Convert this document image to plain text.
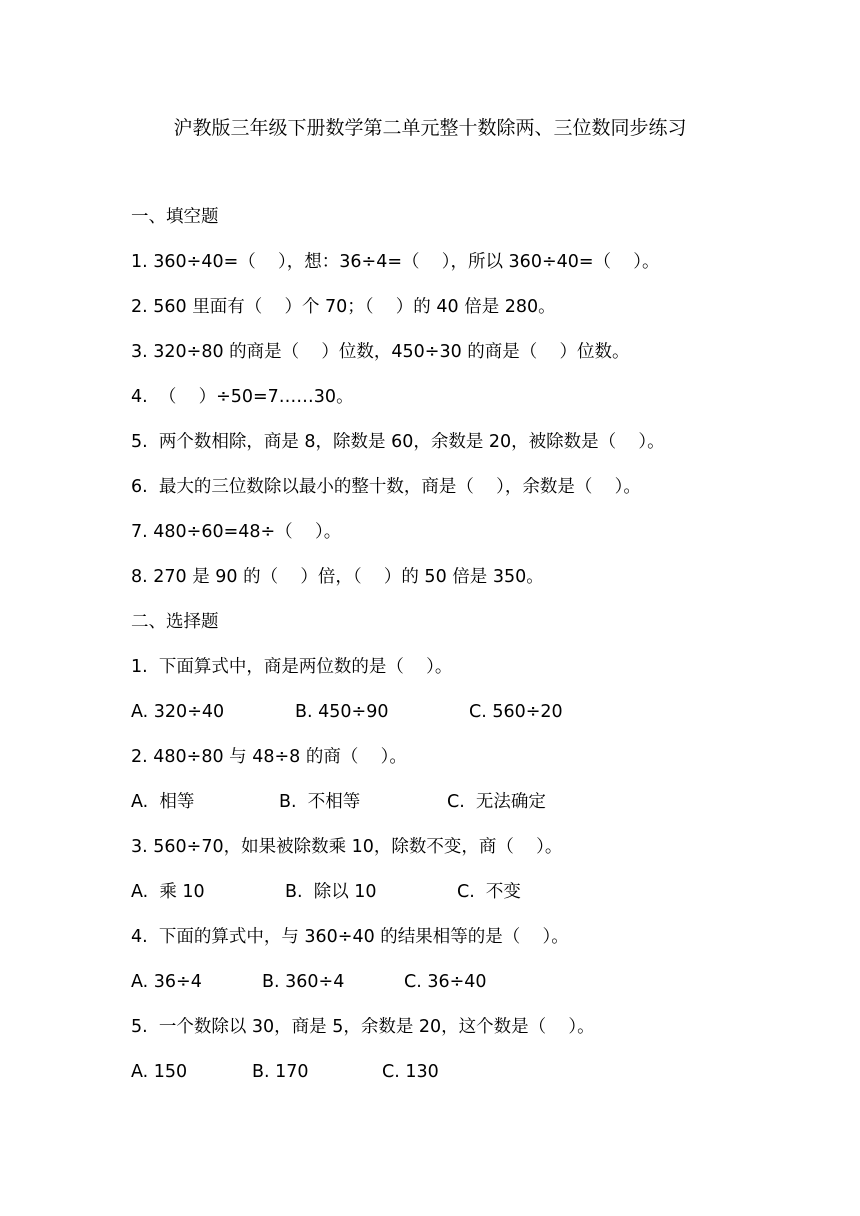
沪教版三年级下册数学第二单元整十数除两、三位数同步练习
一、填空题
1. 360÷40=（    ），想：36÷4=（    ），所以 360÷40=（    ）。
2. 560 里面有（    ）个 70；（    ）的 40 倍是 280。
3. 320÷80 的商是（    ）位数，450÷30 的商是（    ）位数。
4.  （    ）÷50=7……30。
5.  两个数相除，商是 8，除数是 60，余数是 20，被除数是（    ）。
6.  最大的三位数除以最小的整十数，商是（    ），余数是（    ）。
7. 480÷60=48÷（    ）。
8. 270 是 90 的（    ）倍，（    ）的 50 倍是 350。
二、选择题
1.  下面算式中，商是两位数的是（    ）。

A. 320÷40

	B. 450÷90

	C. 560÷20

2. 480÷80 与 48÷8 的商（    ）。

A.  相等

	B.  不相等

	C.  无法确定

3. 560÷70，如果被除数乘 10，除数不变，商（    ）。

A.  乘 10

	B.  除以 10

	C.  不变

4.  下面的算式中，与 360÷40 的结果相等的是（    ）。

A. 36÷4

	B. 360÷4

	C. 36÷40

5.  一个数除以 30，商是 5，余数是 20，这个数是（    ）。

A. 150

	B. 170

	C. 130
